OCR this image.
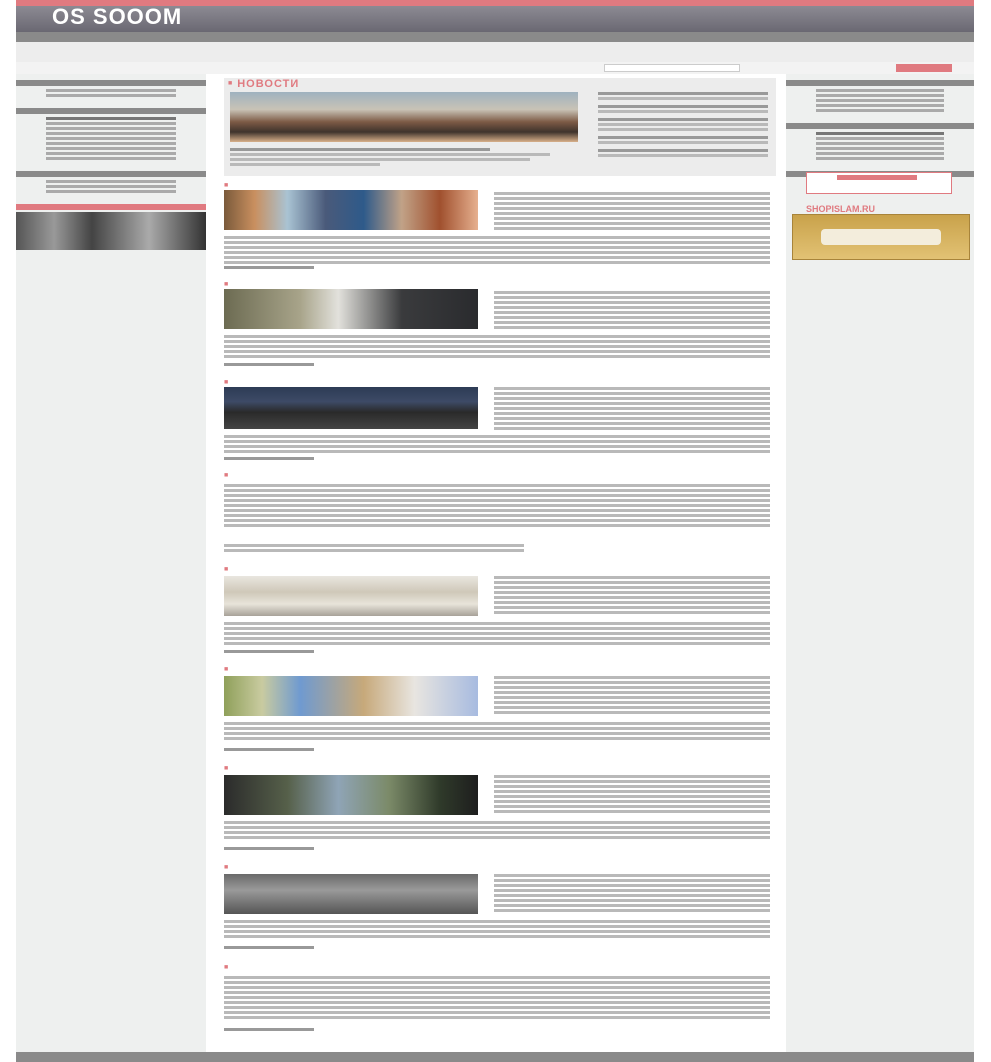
OS SOOOM
SHOPISLAM.RU
■ НОВОСТИ
■
■
■
■
■
■
■
■
■
